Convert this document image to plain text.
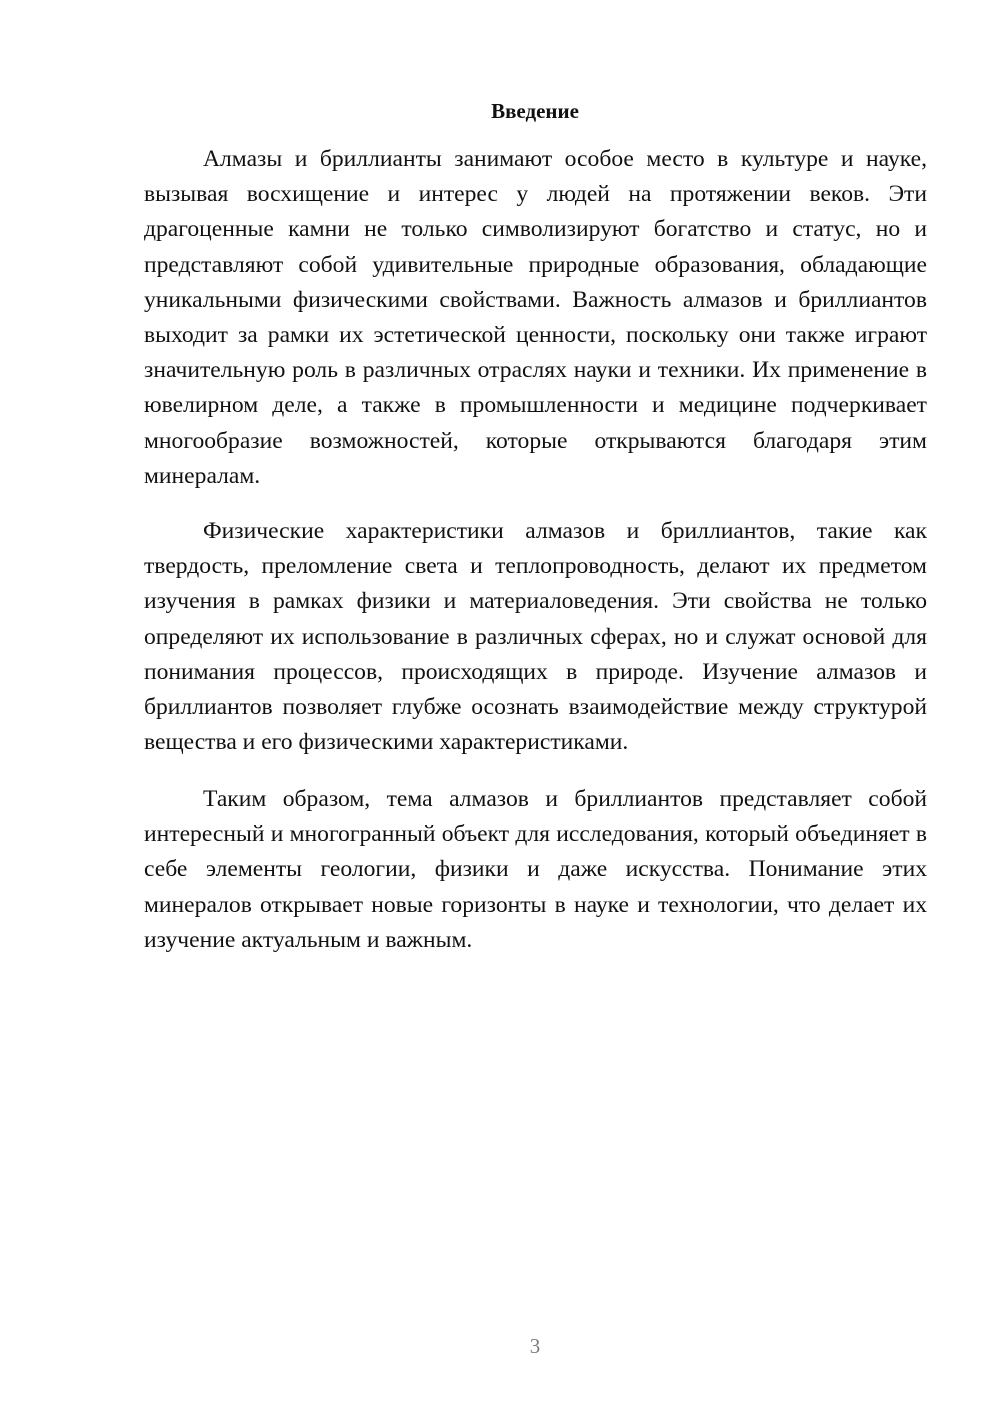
Введение

Алмазы и бриллианты занимают особое место в культуре и науке, вызывая восхищение и интерес у людей на протяжении веков. Эти драгоценные камни не только символизируют богатство и статус, но и представляют собой удивительные природные образования, обладающие уникальными физическими свойствами. Важность алмазов и бриллиантов выходит за рамки их эстетической ценности, поскольку они также играют значительную роль в различных отраслях науки и техники. Их применение в ювелирном деле, а также в промышленности и медицине подчеркивает многообразие возможностей, которые открываются благодаря этим минералам.

Физические характеристики алмазов и бриллиантов, такие как твердость, преломление света и теплопроводность, делают их предметом изучения в рамках физики и материаловедения. Эти свойства не только определяют их использование в различных сферах, но и служат основой для понимания процессов, происходящих в природе. Изучение алмазов и бриллиантов позволяет глубже осознать взаимодействие между структурой вещества и его физическими характеристиками.

Таким образом, тема алмазов и бриллиантов представляет собой интересный и многогранный объект для исследования, который объединяет в себе элементы геологии, физики и даже искусства. Понимание этих минералов открывает новые горизонты в науке и технологии, что делает их изучение актуальным и важным.

3
